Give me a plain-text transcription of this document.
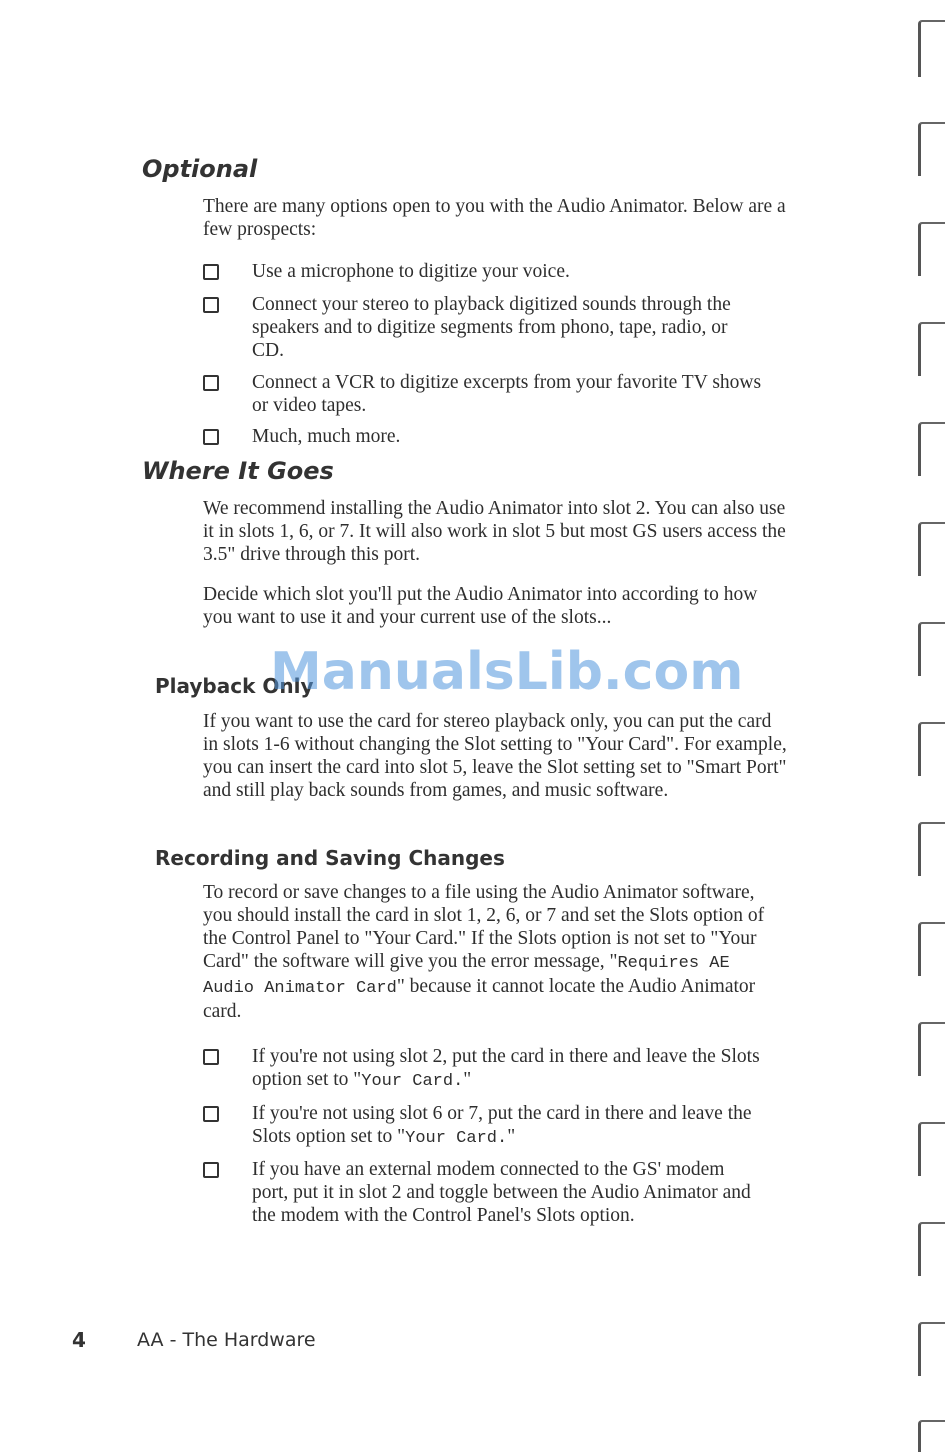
Optional

There are many options open to you with the Audio Animator. Below are a few prospects:

Use a microphone to digitize your voice.
Connect your stereo to playback digitized sounds through the speakers and to digitize segments from phono, tape, radio, or CD.
Connect a VCR to digitize excerpts from your favorite TV shows or video tapes.
Much, much more.
Where It Goes

We recommend installing the Audio Animator into slot 2. You can also use it in slots 1, 6, or 7. It will also work in slot 5 but most GS users access the 3.5" drive through this port.

Decide which slot you'll put the Audio Animator into according to how you want to use it and your current use of the slots...

Playback Only
ManualsLib.com

If you want to use the card for stereo playback only, you can put the card in slots 1-6 without changing the Slot setting to "Your Card". For example, you can insert the card into slot 5, leave the Slot setting set to "Smart Port" and still play back sounds from games, and music software.

Recording and Saving Changes

To record or save changes to a file using the Audio Animator software, you should install the card in slot 1, 2, 6, or 7 and set the Slots option of the Control Panel to "Your Card." If the Slots option is not set to "Your Card" the software will give you the error message, "Requires AE Audio Animator Card" because it cannot locate the Audio Animator card.

If you're not using slot 2, put the card in there and leave the Slots option set to "Your Card."
If you're not using slot 6 or 7, put the card in there and leave the Slots option set to "Your Card."
If you have an external modem connected to the GS' modem port, put it in slot 2 and toggle between the Audio Animator and the modem with the Control Panel's Slots option.
4	AA - The Hardware
